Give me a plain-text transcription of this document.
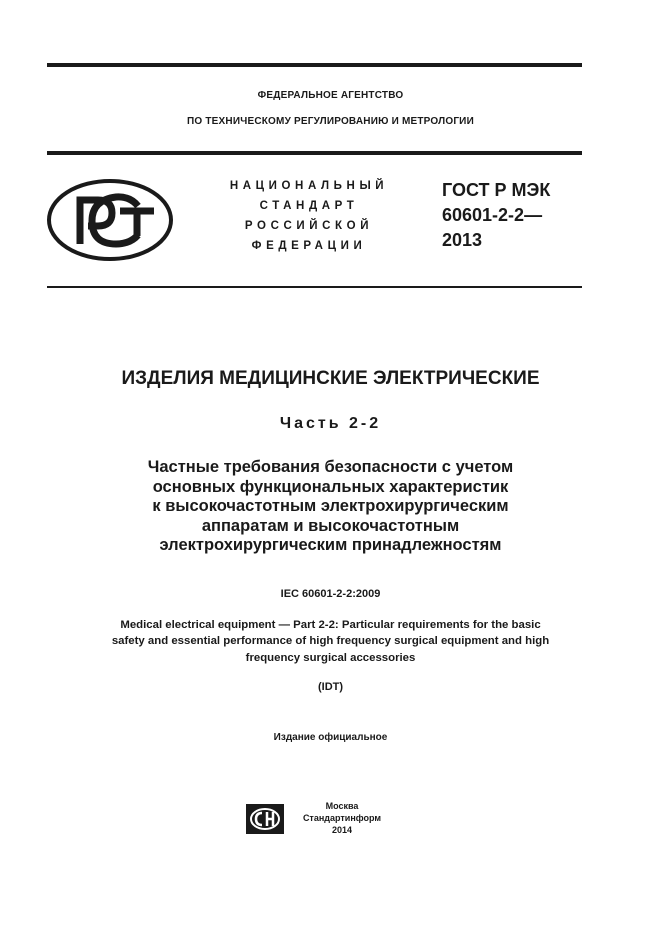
ФЕДЕРАЛЬНОЕ АГЕНТСТВО
ПО ТЕХНИЧЕСКОМУ РЕГУЛИРОВАНИЮ И МЕТРОЛОГИИ
НАЦИОНАЛЬНЫЙ
СТАНДАРТ
РОССИЙСКОЙ
ФЕДЕРАЦИИ
ГОСТ Р МЭК
60601-2-2—
2013
ИЗДЕЛИЯ МЕДИЦИНСКИЕ ЭЛЕКТРИЧЕСКИЕ
Часть 2-2
Частные требования безопасности с учетом
основных функциональных характеристик
к высокочастотным электрохирургическим
аппаратам и высокочастотным
электрохирургическим принадлежностям
IEC 60601-2-2:2009
Medical electrical equipment — Part 2-2: Particular requirements for the basic
safety and essential performance of high frequency surgical equipment and high
frequency surgical accessories
(IDT)
Издание официальное
Москва
Стандартинформ
2014
